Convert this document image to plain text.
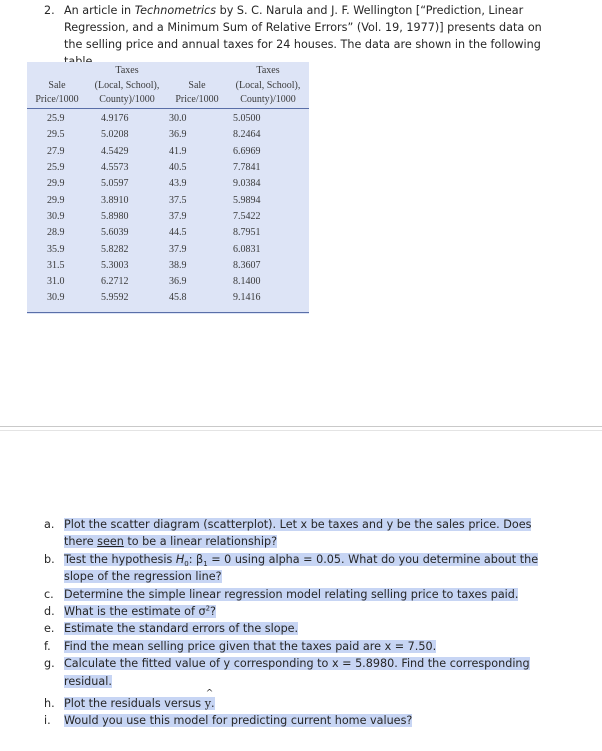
2. An article in Technometrics by S. C. Narula and J. F. Wellington [“Prediction, Linear Regression, and a Minimum Sum of Relative Errors” (Vol. 19, 1977)] presents data on the selling price and annual taxes for 24 houses. The data are shown in the following
	Taxes		Taxes
Sale	(Local, School),	Sale	(Local, School),
Price/1000	County)/1000	Price/1000	County)/1000
25.9	4.9176	30.0	5.0500
29.5	5.0208	36.9	8.2464
27.9	4.5429	41.9	6.6969
25.9	4.5573	40.5	7.7841
29.9	5.0597	43.9	9.0384
29.9	3.8910	37.5	5.9894
30.9	5.8980	37.9	7.5422
28.9	5.6039	44.5	8.7951
35.9	5.8282	37.9	6.0831
31.5	5.3003	38.9	8.3607
31.0	6.2712	36.9	8.1400
30.9	5.9592	45.8	9.1416
a. Plot the scatter diagram (scatterplot). Let x be taxes and y be the sales price. Does there seen to be a linear relationship?
b. Test the hypothesis $H_0$: $\beta_1 = 0$ using alpha = 0.05. What do you determine about the slope of the regression line?
c. Determine the simple linear regression model relating selling price to taxes paid.
d. What is the estimate of $\sigma^2$?
e. Estimate the standard errors of the slope.
f. Find the mean selling price given that the taxes paid are x = 7.50.
g. Calculate the fitted value of y corresponding to x = 5.8980. Find the corresponding residual.
h. Plot the residuals versus ^ y.
i. Would you use this model for predicting current home values?
